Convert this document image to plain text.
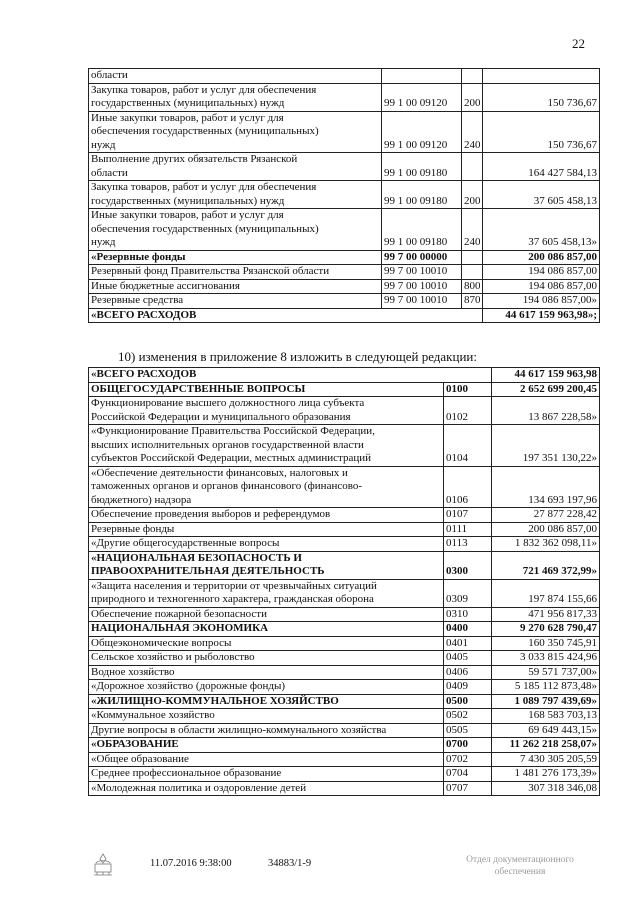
22
области			
Закупка товаров, работ и услуг для обеспечения
государственных (муниципальных) нужд	99 1 00 09120	200	150 736,67
Иные закупки товаров, работ и услуг для
обеспечения государственных (муниципальных)
нужд	99 1 00 09120	240	150 736,67
Выполнение других обязательств Рязанской
области	99 1 00 09180		164 427 584,13
Закупка товаров, работ и услуг для обеспечения
государственных (муниципальных) нужд	99 1 00 09180	200	37 605 458,13
Иные закупки товаров, работ и услуг для
обеспечения государственных (муниципальных)
нужд	99 1 00 09180	240	37 605 458,13»
«Резервные фонды	99 7 00 00000		200 086 857,00
Резервный фонд Правительства Рязанской области	99 7 00 10010		194 086 857,00
Иные бюджетные ассигнования	99 7 00 10010	800	194 086 857,00
Резервные средства	99 7 00 10010	870	194 086 857,00»
«ВСЕГО РАСХОДОВ			44 617 159 963,98»;
10) изменения в приложение 8 изложить в следующей редакции:
«ВСЕГО РАСХОДОВ		44 617 159 963,98
ОБЩЕГОСУДАРСТВЕННЫЕ ВОПРОСЫ	0100	2 652 699 200,45
Функционирование высшего должностного лица субъекта
Российской Федерации и муниципального образования	0102	13 867 228,58»
«Функционирование Правительства Российской Федерации,
высших исполнительных органов государственной власти
субъектов Российской Федерации, местных администраций	0104	197 351 130,22»
«Обеспечение деятельности финансовых, налоговых и
таможенных органов и органов финансового (финансово-
бюджетного) надзора	0106	134 693 197,96
Обеспечение проведения выборов и референдумов	0107	27 877 228,42
Резервные фонды	0111	200 086 857,00
«Другие общегосударственные вопросы	0113	1 832 362 098,11»
«НАЦИОНАЛЬНАЯ БЕЗОПАСНОСТЬ И
ПРАВООХРАНИТЕЛЬНАЯ ДЕЯТЕЛЬНОСТЬ	0300	721 469 372,99»
«Защита населения и территории от чрезвычайных ситуаций
природного и техногенного характера, гражданская оборона	0309	197 874 155,66
Обеспечение пожарной безопасности	0310	471 956 817,33
НАЦИОНАЛЬНАЯ ЭКОНОМИКА	0400	9 270 628 790,47
Общеэкономические вопросы	0401	160 350 745,91
Сельское хозяйство и рыболовство	0405	3 033 815 424,96
Водное хозяйство	0406	59 571 737,00»
«Дорожное хозяйство (дорожные фонды)	0409	5 185 112 873,48»
«ЖИЛИЩНО-КОММУНАЛЬНОЕ ХОЗЯЙСТВО	0500	1 089 797 439,69»
«Коммунальное хозяйство	0502	168 583 703,13
Другие вопросы в области жилищно-коммунального хозяйства	0505	69 649 443,15»
«ОБРАЗОВАНИЕ	0700	11 262 218 258,07»
«Общее образование	0702	7 430 305 205,59
Среднее профессиональное образование	0704	1 481 276 173,39»
«Молодежная политика и оздоровление детей	0707	307 318 346,08
11.07.2016 9:38:00	34883/1-9	Отдел документационного
обеспечения
